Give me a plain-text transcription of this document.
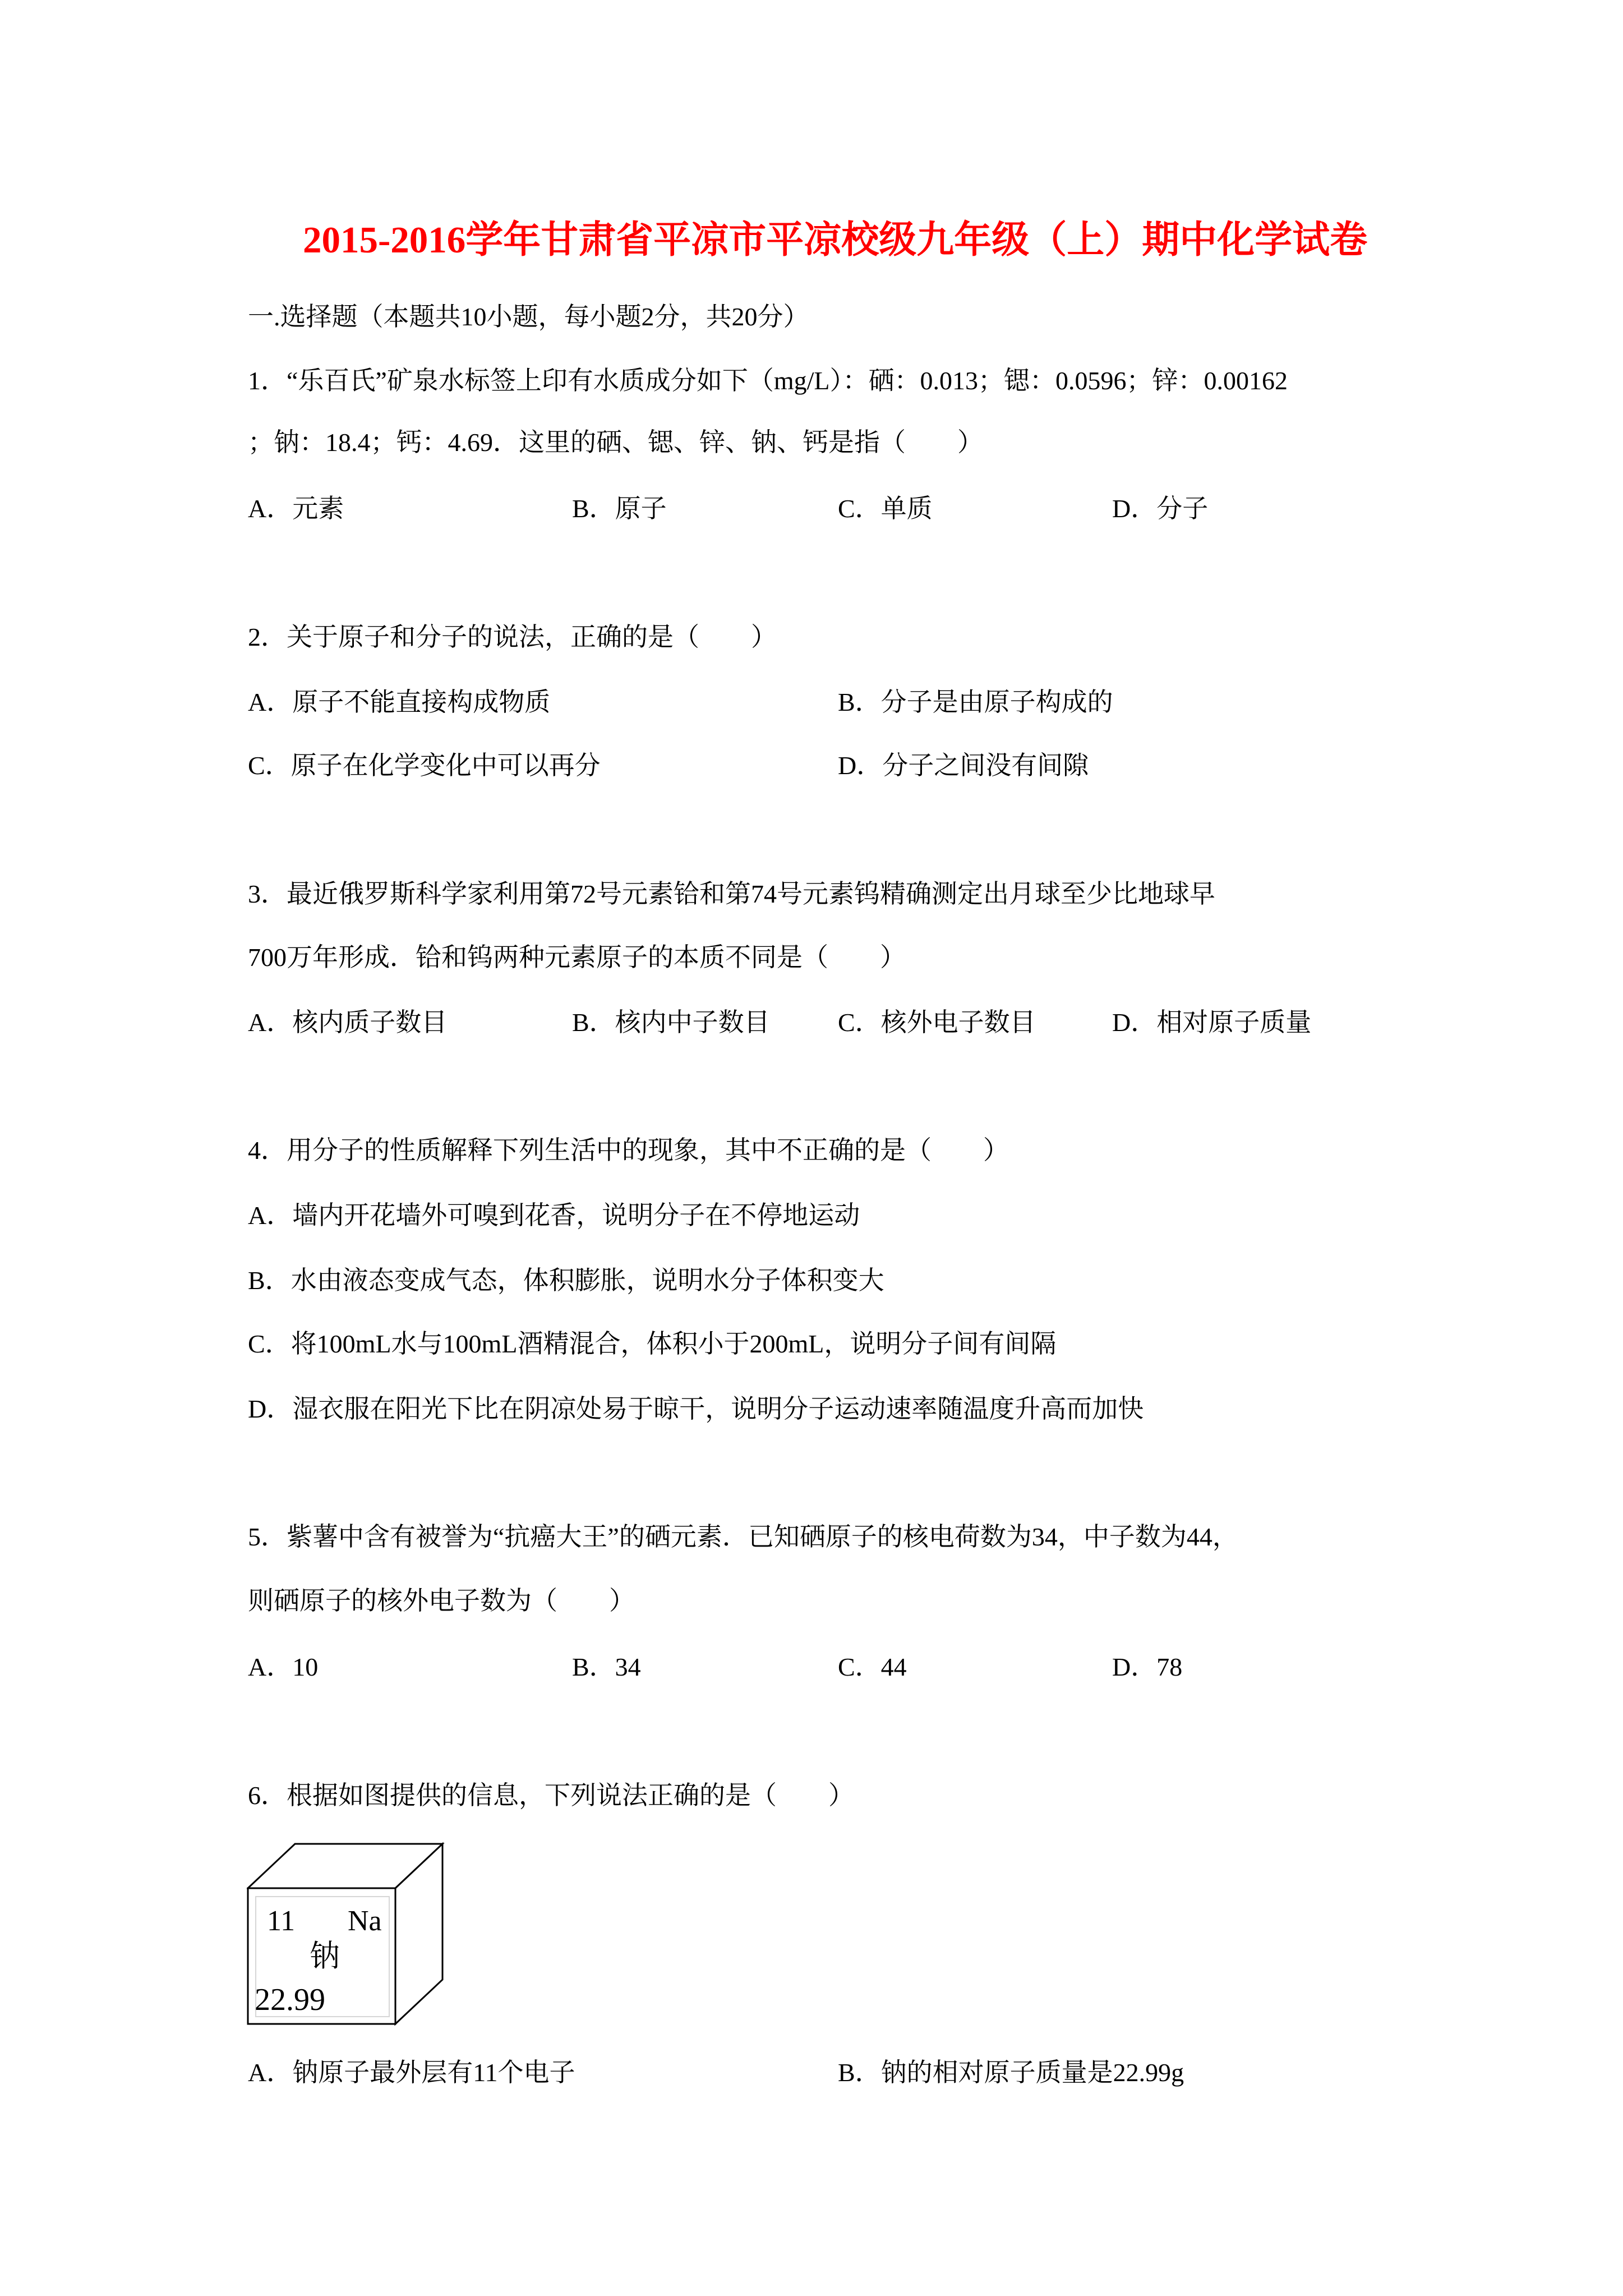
2015-2016学年甘肃省平凉市平凉校级九年级（上）期中化学试卷
一.选择题（本题共10小题，每小题2分，共20分）
1．“乐百氏”矿泉水标签上印有水质成分如下（mg/L）：硒：0.013；锶：0.0596；锌：0.00162
；钠：18.4；钙：4.69．这里的硒、锶、锌、钠、钙是指（　　）
A．元素	B．原子	C．单质	D．分子
2．关于原子和分子的说法，正确的是（　　）
A．原子不能直接构成物质	B．分子是由原子构成的
C．原子在化学变化中可以再分	D．分子之间没有间隙
3．最近俄罗斯科学家利用第72号元素铪和第74号元素钨精确测定出月球至少比地球早
700万年形成．铪和钨两种元素原子的本质不同是（　　）
A．核内质子数目	B．核内中子数目	C．核外电子数目	D．相对原子质量
4．用分子的性质解释下列生活中的现象，其中不正确的是（　　）
A．墙内开花墙外可嗅到花香，说明分子在不停地运动
B．水由液态变成气态，体积膨胀，说明水分子体积变大
C．将100mL水与100mL酒精混合，体积小于200mL，说明分子间有间隔
D．湿衣服在阳光下比在阴凉处易于晾干，说明分子运动速率随温度升高而加快
5．紫薯中含有被誉为“抗癌大王”的硒元素．已知硒原子的核电荷数为34，中子数为44，
则硒原子的核外电子数为（　　）
A．10	B．34	C．44	D．78
6．根据如图提供的信息，下列说法正确的是（　　）
11 Na
钠
22.99
A．钠原子最外层有11个电子	B．钠的相对原子质量是22.99g
